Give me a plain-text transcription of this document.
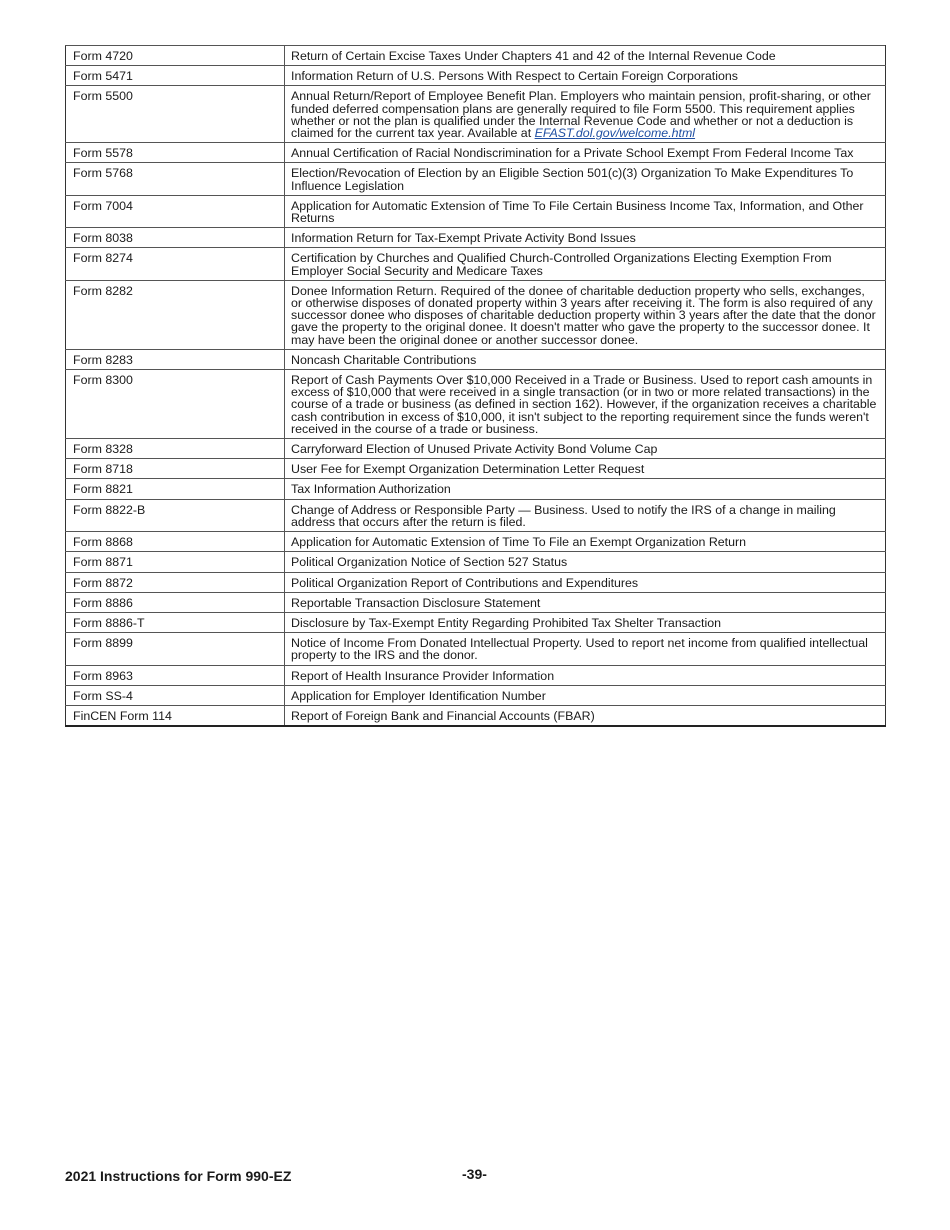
Form 4720	Return of Certain Excise Taxes Under Chapters 41 and 42 of the Internal Revenue Code
Form 5471	Information Return of U.S. Persons With Respect to Certain Foreign Corporations
Form 5500	Annual Return/Report of Employee Benefit Plan. Employers who maintain pension, profit-sharing, or other funded deferred compensation plans are generally required to file Form 5500. This requirement applies whether or not the plan is qualified under the Internal Revenue Code and whether or not a deduction is claimed for the current tax year. Available at EFAST.dol.gov/welcome.html
Form 5578	Annual Certification of Racial Nondiscrimination for a Private School Exempt From Federal Income Tax
Form 5768	Election/Revocation of Election by an Eligible Section 501(c)(3) Organization To Make Expenditures To Influence Legislation
Form 7004	Application for Automatic Extension of Time To File Certain Business Income Tax, Information, and Other Returns
Form 8038	Information Return for Tax-Exempt Private Activity Bond Issues
Form 8274	Certification by Churches and Qualified Church-Controlled Organizations Electing Exemption From Employer Social Security and Medicare Taxes
Form 8282	Donee Information Return. Required of the donee of charitable deduction property who sells, exchanges, or otherwise disposes of donated property within 3 years after receiving it. The form is also required of any successor donee who disposes of charitable deduction property within 3 years after the date that the donor gave the property to the original donee. It doesn't matter who gave the property to the successor donee. It may have been the original donee or another successor donee.
Form 8283	Noncash Charitable Contributions
Form 8300	Report of Cash Payments Over $10,000 Received in a Trade or Business. Used to report cash amounts in excess of $10,000 that were received in a single transaction (or in two or more related transactions) in the course of a trade or business (as defined in section 162). However, if the organization receives a charitable cash contribution in excess of $10,000, it isn't subject to the reporting requirement since the funds weren't received in the course of a trade or business.
Form 8328	Carryforward Election of Unused Private Activity Bond Volume Cap
Form 8718	User Fee for Exempt Organization Determination Letter Request
Form 8821	Tax Information Authorization
Form 8822-B	Change of Address or Responsible Party — Business. Used to notify the IRS of a change in mailing address that occurs after the return is filed.
Form 8868	Application for Automatic Extension of Time To File an Exempt Organization Return
Form 8871	Political Organization Notice of Section 527 Status
Form 8872	Political Organization Report of Contributions and Expenditures
Form 8886	Reportable Transaction Disclosure Statement
Form 8886-T	Disclosure by Tax-Exempt Entity Regarding Prohibited Tax Shelter Transaction
Form 8899	Notice of Income From Donated Intellectual Property. Used to report net income from qualified intellectual property to the IRS and the donor.
Form 8963	Report of Health Insurance Provider Information
Form SS-4	Application for Employer Identification Number
FinCEN Form 114	Report of Foreign Bank and Financial Accounts (FBAR)
2021 Instructions for Form 990-EZ	-39-
